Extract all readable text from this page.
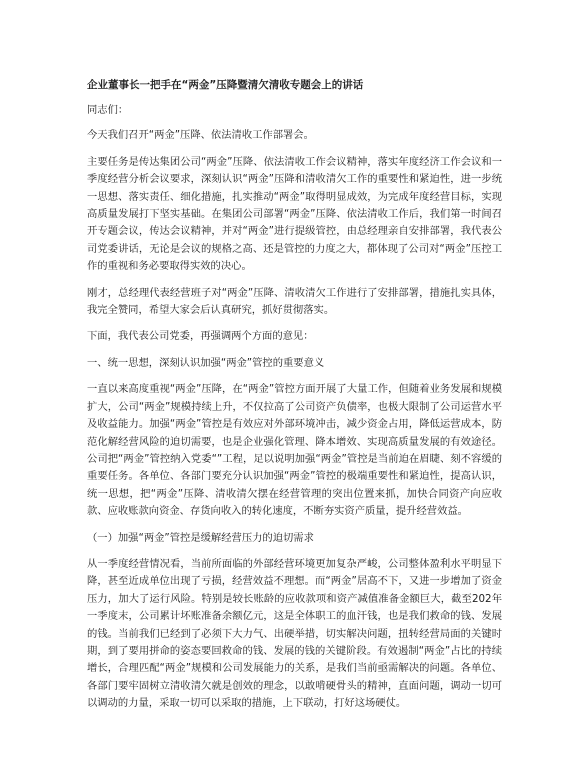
企业董事长一把手在“两金”压降暨清欠清收专题会上的讲话

同志们：

今天我们召开“两金”压降、依法清收工作部署会。

主要任务是传达集团公司“两金”压降、依法清收工作会议精神，落实年度经济工作会议和一季度经营分析会议要求，深刻认识“两金”压降和清收清欠工作的重要性和紧迫性，进一步统一思想、落实责任、细化措施，扎实推动“两金”取得明显成效，为完成年度经营目标，实现高质量发展打下坚实基础。在集团公司部署“两金”压降、依法清收工作后，我们第一时间召开专题会议，传达会议精神，并对“两金”进行提级管控，由总经理亲自安排部署，我代表公司党委讲话，无论是会议的规格之高、还是管控的力度之大，都体现了公司对“两金”压控工作的重视和务必要取得实效的决心。

刚才，总经理代表经营班子对“两金”压降、清收清欠工作进行了安排部署，措施扎实具体，我完全赞同，希望大家会后认真研究，抓好贯彻落实。

下面，我代表公司党委，再强调两个方面的意见：

一、统一思想，深刻认识加强“两金”管控的重要意义

一直以来高度重视“两金”压降，在“两金”管控方面开展了大量工作，但随着业务发展和规模扩大，公司“两金”规模持续上升，不仅拉高了公司资产负债率，也极大限制了公司运营水平及收益能力。加强“两金”管控是有效应对外部环境冲击，减少资金占用，降低运营成本，防范化解经营风险的迫切需要，也是企业强化管理、降本增效、实现高质量发展的有效途径。公司把“两金”管控纳入党委“”工程，足以说明加强“两金”管控是当前迫在眉睫、刻不容缓的重要任务。各单位、各部门要充分认识加强“两金”管控的极端重要性和紧迫性，提高认识，统一思想，把“两金”压降、清收清欠摆在经营管理的突出位置来抓，加快合同资产向应收款、应收账款向资金、存货向收入的转化速度，不断夯实资产质量，提升经营效益。

（一）加强“两金”管控是缓解经营压力的迫切需求

从一季度经营情况看，当前所面临的外部经营环境更加复杂严峻，公司整体盈利水平明显下降，甚至近成单位出现了亏损，经营效益不理想。而“两金”居高不下，又进一步增加了资金压力，加大了运行风险。特别是较长账龄的应收款项和资产减值准备金额巨大，截至202年一季度末，公司累计坏账准备余额亿元，这是全体职工的血汗钱，也是我们救命的钱、发展的钱。当前我们已经到了必须下大力气、出硬举措，切实解决问题，扭转经营局面的关键时期，到了要用拼命的姿态要回救命的钱、发展的钱的关键阶段。有效遏制“两金”占比的持续增长，合理匹配“两金”规模和公司发展能力的关系，是我们当前亟需解决的问题。各单位、各部门要牢固树立清收清欠就是创效的理念，以敢啃硬骨头的精神，直面问题，调动一切可以调动的力量，采取一切可以采取的措施，上下联动，打好这场硬仗。
